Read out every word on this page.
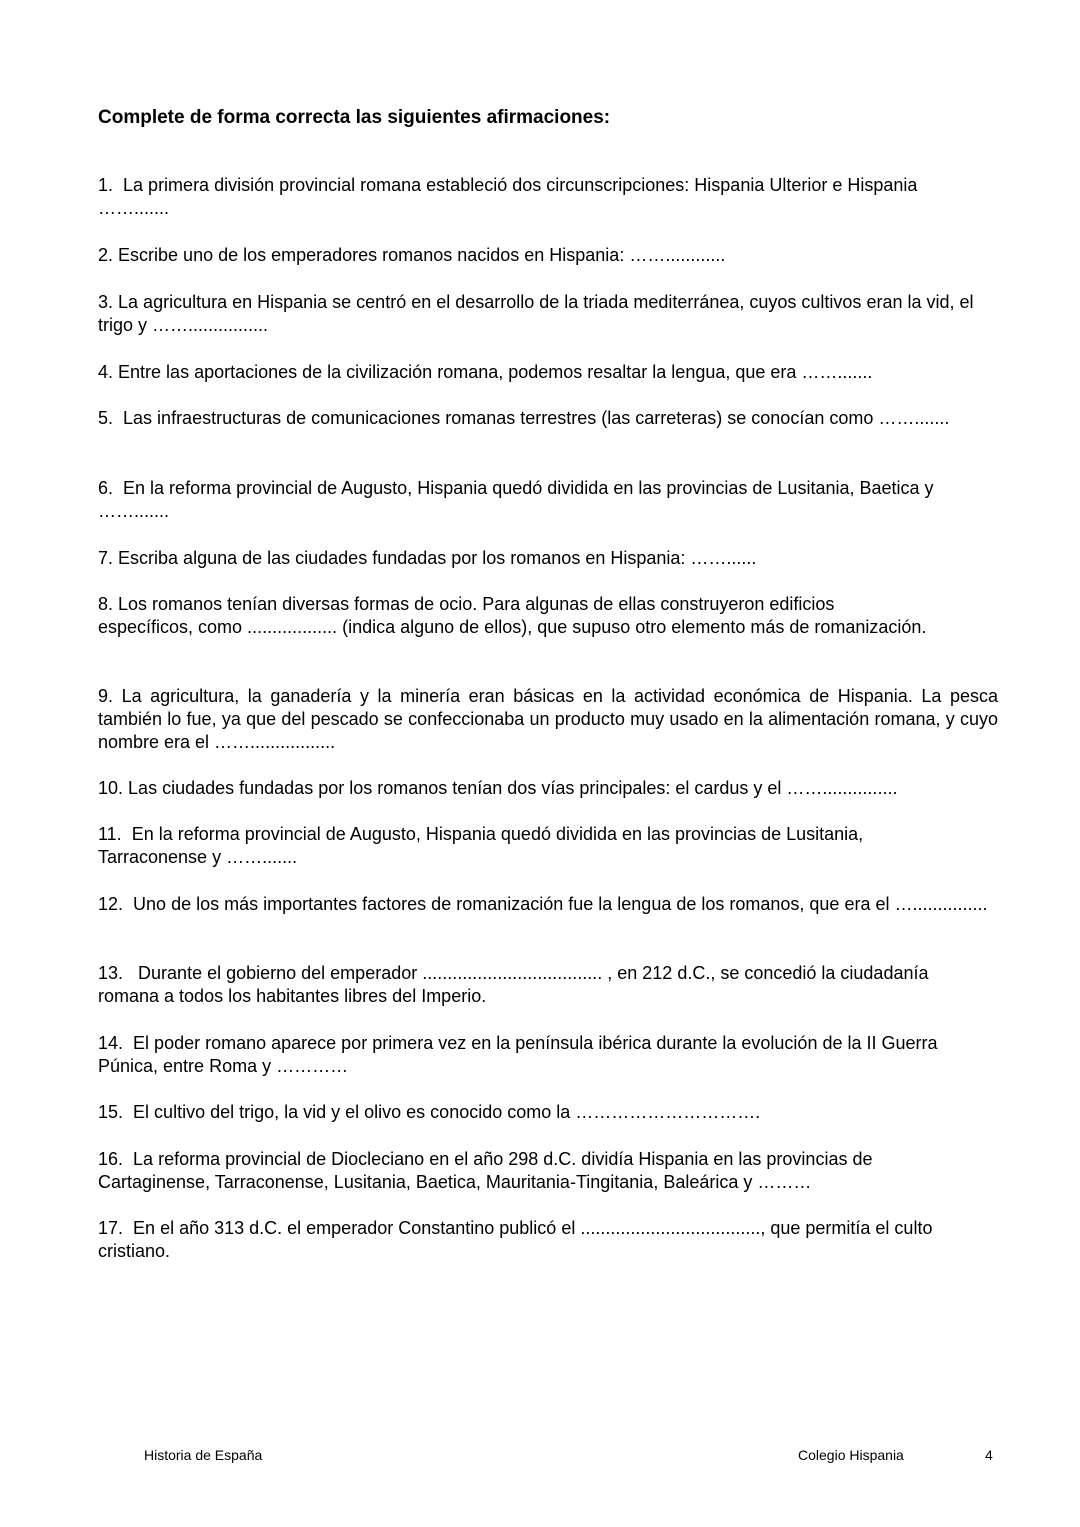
Complete de forma correcta las siguientes afirmaciones:

1. La primera división provincial romana estableció dos circunscripciones: Hispania Ulterior e Hispania …….......

2. Escribe uno de los emperadores romanos nacidos en Hispania: ……............

3. La agricultura en Hispania se centró en el desarrollo de la triada mediterránea, cuyos cultivos eran la vid, el trigo y ……................

4. Entre las aportaciones de la civilización romana, podemos resaltar la lengua, que era …….......

5. Las infraestructuras de comunicaciones romanas terrestres (las carreteras) se conocían como …….......

6. En la reforma provincial de Augusto, Hispania quedó dividida en las provincias de Lusitania, Baetica y …….......

7. Escriba alguna de las ciudades fundadas por los romanos en Hispania: ……......

8. Los romanos tenían diversas formas de ocio. Para algunas de ellas construyeron edificios específicos, como .................. (indica alguno de ellos), que supuso otro elemento más de romanización.

9. La agricultura, la ganadería y la minería eran básicas en la actividad económica de Hispania. La pesca también lo fue, ya que del pescado se confeccionaba un producto muy usado en la alimentación romana, y cuyo nombre era el …….................

10. Las ciudades fundadas por los romanos tenían dos vías principales: el cardus y el ……...............

11. En la reforma provincial de Augusto, Hispania quedó dividida en las provincias de Lusitania, Tarraconense y …….......

12. Uno de los más importantes factores de romanización fue la lengua de los romanos, que era el …...............

13. Durante el gobierno del emperador .................................... , en 212 d.C., se concedió la ciudadanía romana a todos los habitantes libres del Imperio.

14. El poder romano aparece por primera vez en la península ibérica durante la evolución de la II Guerra Púnica, entre Roma y …………

15. El cultivo del trigo, la vid y el olivo es conocido como la ………………………….

16. La reforma provincial de Diocleciano en el año 298 d.C. dividía Hispania en las provincias de Cartaginense, Tarraconense, Lusitania, Baetica, Mauritania-Tingitania, Baleárica y ………

17. En el año 313 d.C. el emperador Constantino publicó el ...................................., que permitía el culto cristiano.

Historia de España	Colegio Hispania	4
